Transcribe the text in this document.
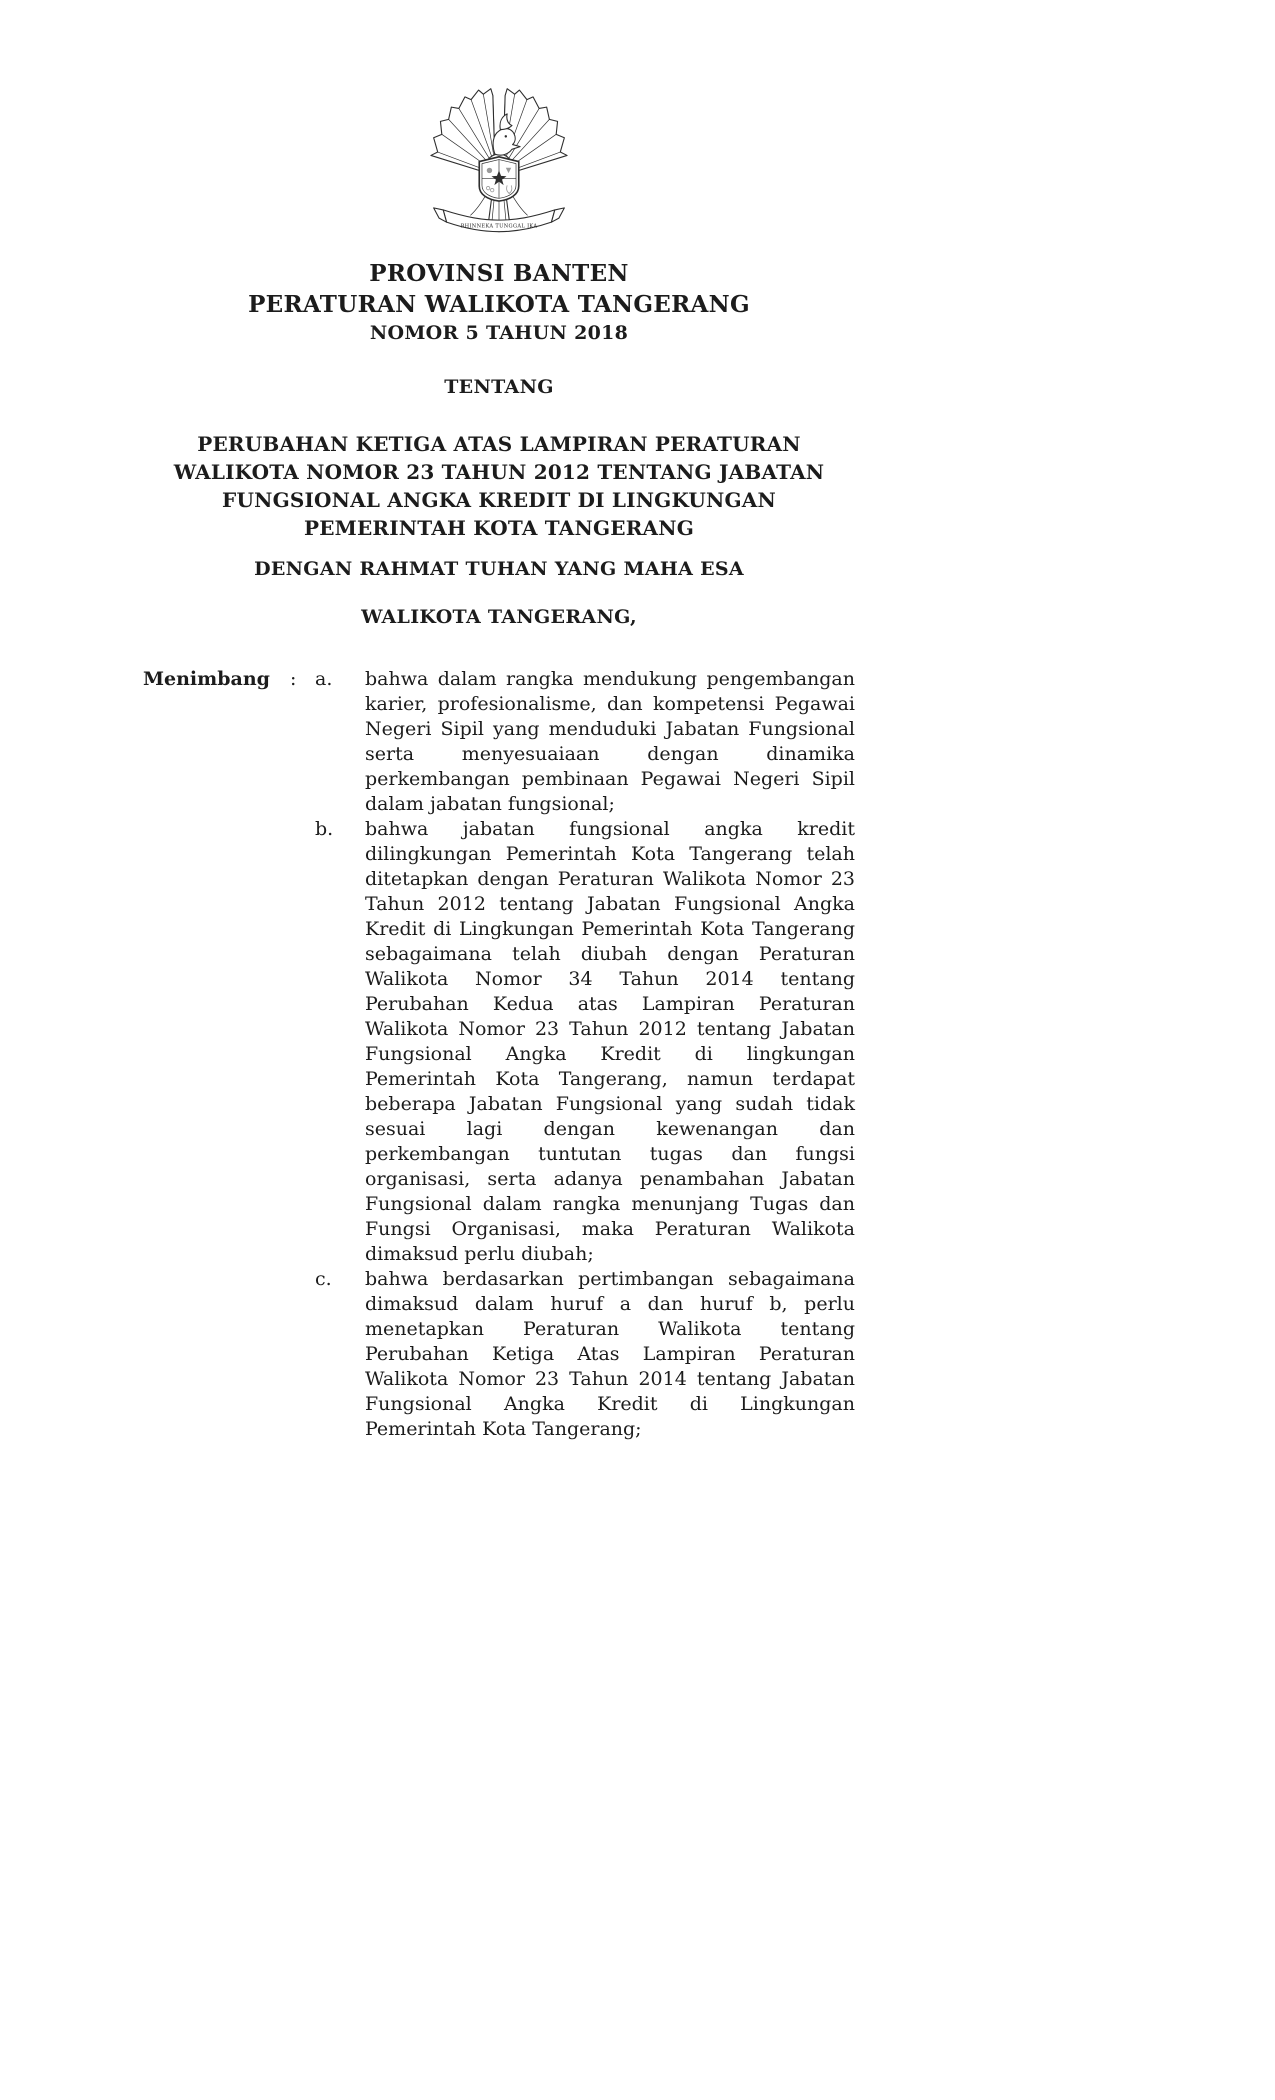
BHINNEKA TUNGGAL IKA
PROVINSI BANTEN
PERATURAN WALIKOTA TANGERANG
NOMOR 5 TAHUN 2018
TENTANG
PERUBAHAN KETIGA ATAS LAMPIRAN PERATURAN WALIKOTA NOMOR 23 TAHUN 2012 TENTANG JABATAN FUNGSIONAL ANGKA KREDIT DI LINGKUNGAN PEMERINTAH KOTA TANGERANG
DENGAN RAHMAT TUHAN YANG MAHA ESA
WALIKOTA TANGERANG,
Menimbang	: a.	bahwa dalam rangka mendukung pengembangan karier, profesionalisme, dan kompetensi Pegawai Negeri Sipil yang menduduki Jabatan Fungsional serta menyesuaiaan dengan dinamika perkembangan pembinaan Pegawai Negeri Sipil dalam jabatan fungsional;
b.	bahwa jabatan fungsional angka kredit dilingkungan Pemerintah Kota Tangerang telah ditetapkan dengan Peraturan Walikota Nomor 23 Tahun 2012 tentang Jabatan Fungsional Angka Kredit di Lingkungan Pemerintah Kota Tangerang sebagaimana telah diubah dengan Peraturan Walikota Nomor 34 Tahun 2014 tentang Perubahan Kedua atas Lampiran Peraturan Walikota Nomor 23 Tahun 2012 tentang Jabatan Fungsional Angka Kredit di lingkungan Pemerintah Kota Tangerang, namun terdapat beberapa Jabatan Fungsional yang sudah tidak sesuai lagi dengan kewenangan dan perkembangan tuntutan tugas dan fungsi organisasi, serta adanya penambahan Jabatan Fungsional dalam rangka menunjang Tugas dan Fungsi Organisasi, maka Peraturan Walikota dimaksud perlu diubah;
c.	bahwa berdasarkan pertimbangan sebagaimana dimaksud dalam huruf a dan huruf b, perlu menetapkan Peraturan Walikota tentang Perubahan Ketiga Atas Lampiran Peraturan Walikota Nomor 23 Tahun 2014 tentang Jabatan Fungsional Angka Kredit di Lingkungan Pemerintah Kota Tangerang;
